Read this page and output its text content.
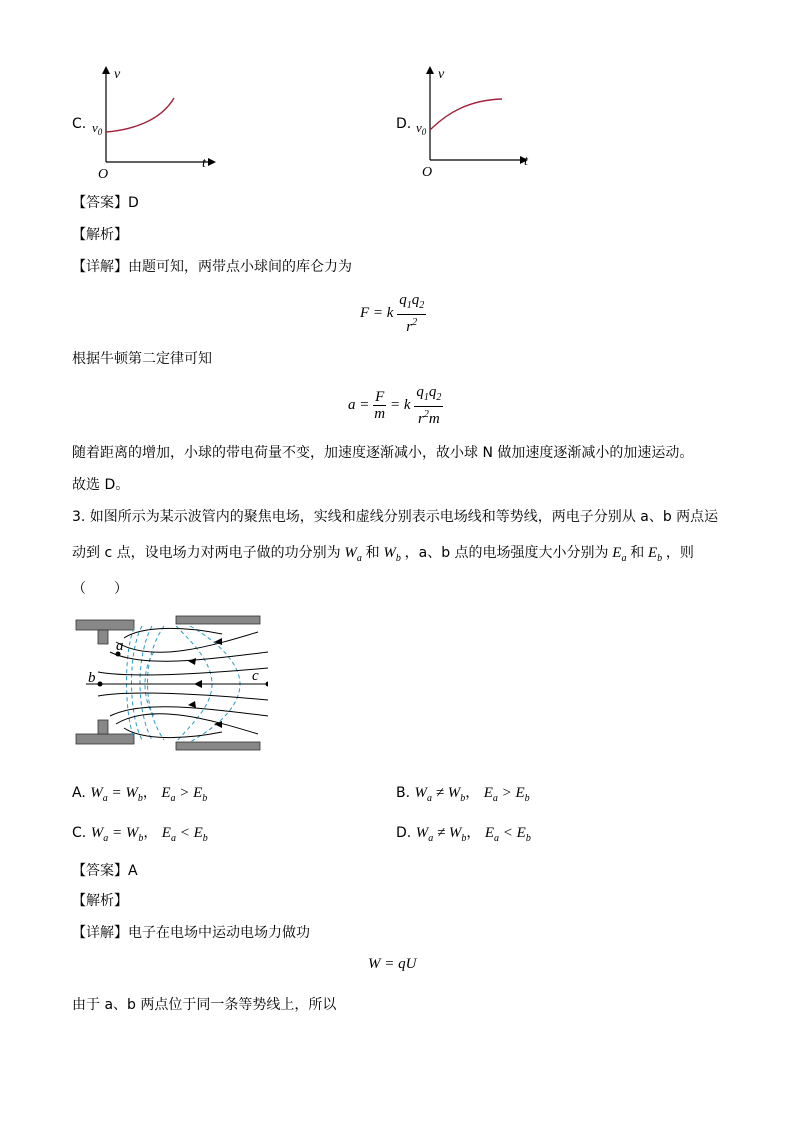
C.
v
t
O
$v_0$	D.
v
t
O
$v_0$
【答案】D
【解析】
【详解】由题可知，两带点小球间的库仑力为
F = k $\frac{q_1q_2}{r^2}$
根据牛顿第二定律可知
$a = \frac{F}{m} = k \frac{q_1q_2}{r^2m}$
随着距离的增加，小球的带电荷量不变，加速度逐渐减小，故小球 N 做加速度逐渐减小的加速运动。
故选 D。
3. 如图所示为某示波管内的聚焦电场，实线和虚线分别表示电场线和等势线，两电子分别从 a、b 两点运
动到 c 点，设电场力对两电子做的功分别为 $W_a$ 和 $W_b$ ，a、b 点的电场强度大小分别为 $E_a$ 和 $E_b$ ，则
（　　）
a
b	c
A. $W_a = W_b$， $E_a > E_b$	B. $W_a \ne W_b$， $E_a > E_b$
C. $W_a = W_b$， $E_a < E_b$	D. $W_a \ne W_b$， $E_a < E_b$
【答案】A
【解析】
【详解】电子在电场中运动电场力做功
W = qU
由于 a、b 两点位于同一条等势线上，所以
